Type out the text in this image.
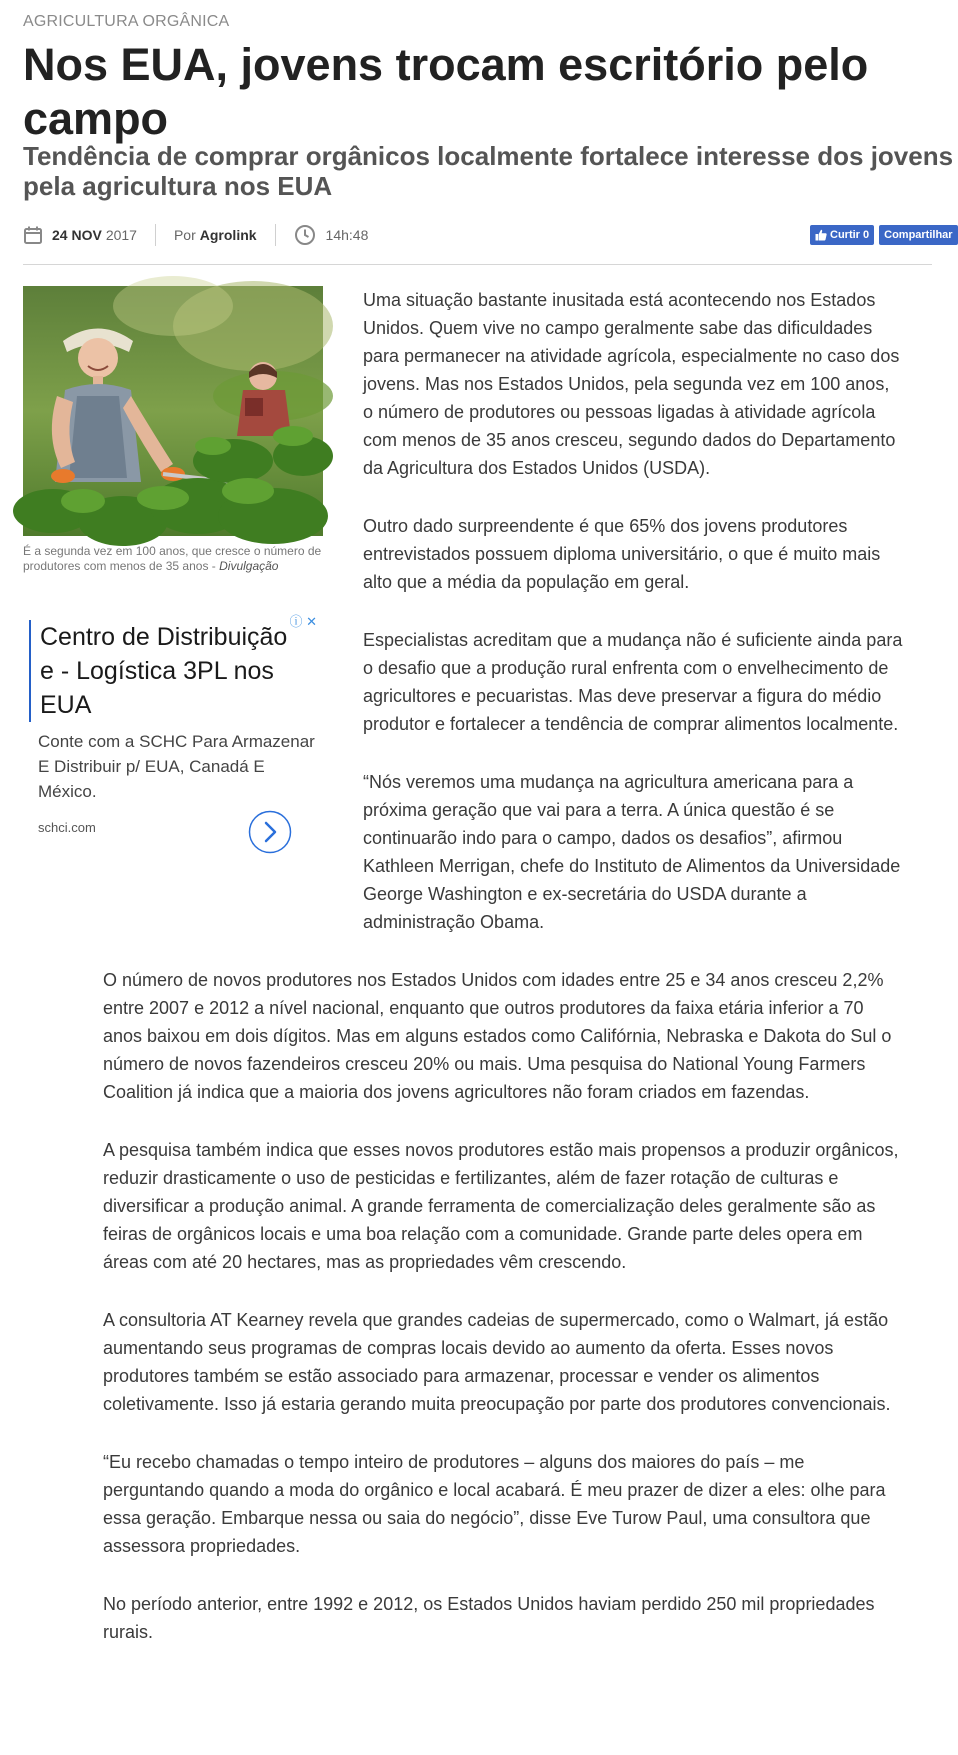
AGRICULTURA ORGÂNICA
Nos EUA, jovens trocam escritório pelo campo
Tendência de comprar orgânicos localmente fortalece interesse dos jovens
pela agricultura nos EUA
24 NOV 2017	Por Agrolink	14h:48	Curtir 0 Compartilhar
É a segunda vez em 100 anos, que cresce o número de produtores com menos de 35 anos - Divulgação
ⓘ ✕
Centro de Distribuição e - Logística 3PL nos EUA
Conte com a SCHC Para Armazenar E Distribuir p/ EUA, Canadá E México.
schci.com

Uma situação bastante inusitada está acontecendo nos Estados Unidos. Quem vive no campo geralmente sabe das dificuldades para permanecer na atividade agrícola, especialmente no caso dos jovens. Mas nos Estados Unidos, pela segunda vez em 100 anos, o número de produtores ou pessoas ligadas à atividade agrícola com menos de 35 anos cresceu, segundo dados do Departamento da Agricultura dos Estados Unidos (USDA).

Outro dado surpreendente é que 65% dos jovens produtores entrevistados possuem diploma universitário, o que é muito mais alto que a média da população em geral.

Especialistas acreditam que a mudança não é suficiente ainda para o desafio que a produção rural enfrenta com o envelhecimento de agricultores e pecuaristas. Mas deve preservar a figura do médio produtor e fortalecer a tendência de comprar alimentos localmente.

“Nós veremos uma mudança na agricultura americana para a próxima geração que vai para a terra. A única questão é se continuarão indo para o campo, dados os desafios”, afirmou Kathleen Merrigan, chefe do Instituto de Alimentos da Universidade George Washington e ex-secretária do USDA durante a administração Obama.

O número de novos produtores nos Estados Unidos com idades entre 25 e 34 anos cresceu 2,2% entre 2007 e 2012 a nível nacional, enquanto que outros produtores da faixa etária inferior a 70 anos baixou em dois dígitos. Mas em alguns estados como Califórnia, Nebraska e Dakota do Sul o número de novos fazendeiros cresceu 20% ou mais. Uma pesquisa do National Young Farmers Coalition já indica que a maioria dos jovens agricultores não foram criados em fazendas.

A pesquisa também indica que esses novos produtores estão mais propensos a produzir orgânicos, reduzir drasticamente o uso de pesticidas e fertilizantes, além de fazer rotação de culturas e diversificar a produção animal. A grande ferramenta de comercialização deles geralmente são as feiras de orgânicos locais e uma boa relação com a comunidade. Grande parte deles opera em áreas com até 20 hectares, mas as propriedades vêm crescendo.

A consultoria AT Kearney revela que grandes cadeias de supermercado, como o Walmart, já estão aumentando seus programas de compras locais devido ao aumento da oferta. Esses novos produtores também se estão associado para armazenar, processar e vender os alimentos coletivamente. Isso já estaria gerando muita preocupação por parte dos produtores convencionais.

“Eu recebo chamadas o tempo inteiro de produtores – alguns dos maiores do país – me perguntando quando a moda do orgânico e local acabará. É meu prazer de dizer a eles: olhe para essa geração. Embarque nessa ou saia do negócio”, disse Eve Turow Paul, uma consultora que assessora propriedades.

No período anterior, entre 1992 e 2012, os Estados Unidos haviam perdido 250 mil propriedades rurais.
